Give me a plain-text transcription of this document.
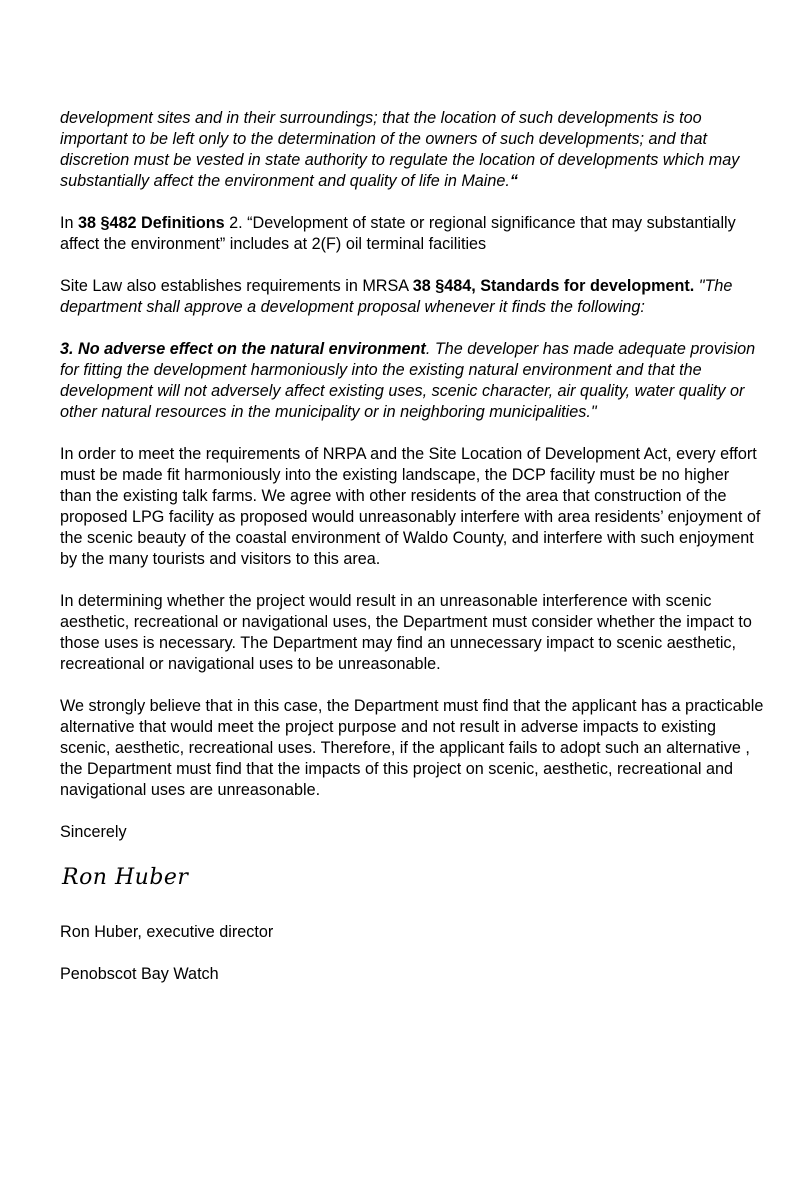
development sites and in their surroundings; that the location of such developments is too important to be left only to the determination of the owners of such developments; and that discretion must be vested in state authority to regulate the location of developments which may substantially affect the environment and quality of life in Maine.“

In 38 §482 Definitions 2. “Development of state or regional significance that may substantially affect the environment” includes at 2(F) oil terminal facilities

Site Law also establishes requirements in MRSA 38 §484, Standards for development. "The department shall approve a development proposal whenever it finds the following:

3. No adverse effect on the natural environment. The developer has made adequate provision for fitting the development harmoniously into the existing natural environment and that the development will not adversely affect existing uses, scenic character, air quality, water quality or other natural resources in the municipality or in neighboring municipalities."

In order to meet the requirements of NRPA and the Site Location of Development Act, every effort must be made fit harmoniously into the existing landscape, the DCP facility must be no higher than the existing talk farms. We agree with other residents of the area that construction of the proposed LPG facility as proposed would unreasonably interfere with area residents’ enjoyment of the scenic beauty of the coastal environment of Waldo County, and interfere with such enjoyment by the many tourists and visitors to this area.

In determining whether the project would result in an unreasonable interference with scenic aesthetic, recreational or navigational uses, the Department must consider whether the impact to those uses is necessary. The Department may find an unnecessary impact to scenic aesthetic, recreational or navigational uses to be unreasonable.

We strongly believe that in this case, the Department must find that the applicant has a practicable alternative that would meet the project purpose and not result in adverse impacts to existing scenic, aesthetic, recreational uses. Therefore, if the applicant fails to adopt such an alternative , the Department must find that the impacts of this project on scenic, aesthetic, recreational and navigational uses are unreasonable.

Sincerely

Ron Huber

Ron Huber, executive director

Penobscot Bay Watch
